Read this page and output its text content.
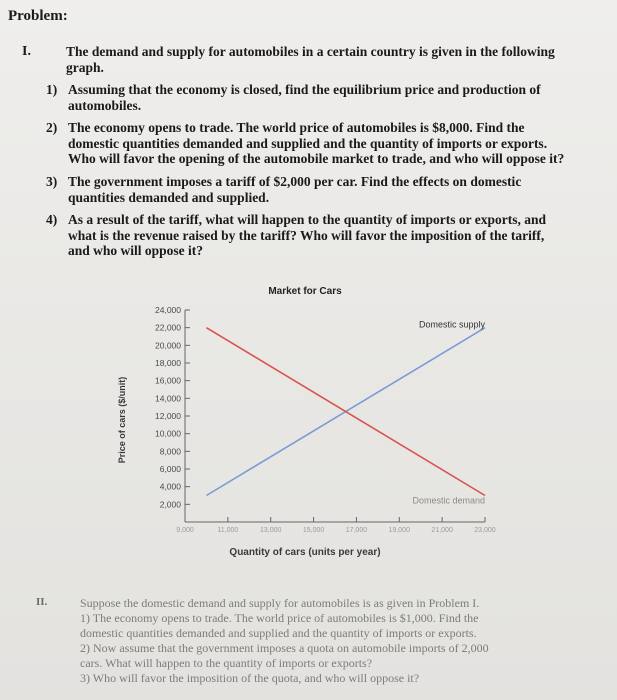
Problem:
I.	The demand and supply for automobiles in a certain country is given in the following graph.
1) Assuming that the economy is closed, find the equilibrium price and production of automobiles.
2) The economy opens to trade. The world price of automobiles is $8,000. Find the domestic quantities demanded and supplied and the quantity of imports or exports. Who will favor the opening of the automobile market to trade, and who will oppose it?
3) The government imposes a tariff of $2,000 per car. Find the effects on domestic quantities demanded and supplied.
4) As a result of the tariff, what will happen to the quantity of imports or exports, and what is the revenue raised by the tariff? Who will favor the imposition of the tariff, and who will oppose it?
Market for Cars
Price of cars ($/unit)
Quantity of cars (units per year)
2,000
4,000
6,000
8,000
10,000
12,000
14,000
16,000
18,000
20,000
22,000
24,000
9,000	11,000	13,000	15,000	17,000	19,000	21,000	23,000
Domestic supply
Domestic demand
II.	Suppose the domestic demand and supply for automobiles is as given in Problem I.
1) The economy opens to trade. The world price of automobiles is $1,000. Find the
domestic quantities demanded and supplied and the quantity of imports or exports.
2) Now assume that the government imposes a quota on automobile imports of 2,000
cars. What will happen to the quantity of imports or exports?
3) Who will favor the imposition of the quota, and who will oppose it?
